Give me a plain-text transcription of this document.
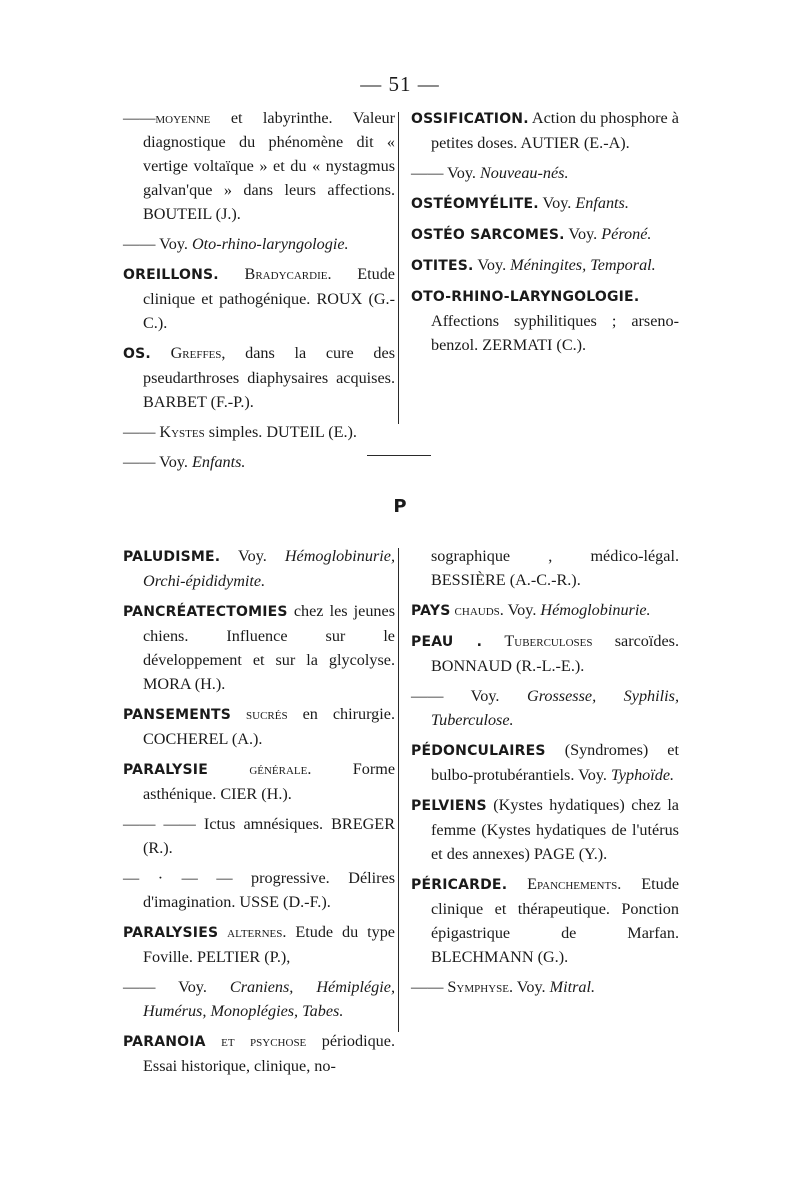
— 51 —

——moyenne et labyrinthe. Valeur diagnostique du phénomène dit « vertige voltaïque » et du « nystagmus galvan'que » dans leurs affections. BOUTEIL (J.).

—— Voy. Oto-rhino-laryngologie.

OREILLONS. Bradycardie. Etude clinique et pathogénique. ROUX (G.-C.).

OS. Greffes, dans la cure des pseudarthroses diaphysaires acquises. BARBET (F.-P.).

—— Kystes simples. DUTEIL (E.).

—— Voy. Enfants.

OSSIFICATION. Action du phosphore à petites doses. AUTIER (E.-A).

—— Voy. Nouveau-nés.

OSTÉOMYÉLITE. Voy. Enfants.

OSTÉO SARCOMES. Voy. Péroné.

OTITES. Voy. Méningites, Temporal.

OTO-RHINO-LARYNGOLOGIE. Affections syphilitiques ; arseno-benzol. ZERMATI (C.).

P

PALUDISME. Voy. Hémoglobinurie, Orchi-épididymite.

PANCRÉATECTOMIES chez les jeunes chiens. Influence sur le développement et sur la glycolyse. MORA (H.).

PANSEMENTS sucrés en chirurgie. COCHEREL (A.).

PARALYSIE	générale. Forme asthénique. CIER (H.).

—— —— Ictus amnésiques. BREGER (R.).

— · — — progressive. Délires d'imagination. USSE (D.-F.).

PARALYSIES alternes. Etude du type Foville. PELTIER (P.),

—— Voy. Craniens, Hémiplégie, Humérus, Monoplégies, Tabes.

PARANOIA et psychose périodique. Essai historique, clinique, no-

sographique , médico-légal. BESSIÈRE (A.-C.-R.).

PAYS chauds. Voy. Hémoglobinurie.

PEAU . Tuberculoses sarcoïdes. BONNAUD (R.-L.-E.).

—— Voy. Grossesse, Syphilis, Tuberculose.

PÉDONCULAIRES (Syndromes) et bulbo-protubérantiels. Voy. Typhoïde.

PELVIENS (Kystes hydatiques) chez la femme (Kystes hydatiques de l'utérus et des annexes) PAGE (Y.).

PÉRICARDE. Epanchements. Etude clinique et thérapeutique. Ponction épigastrique de Marfan. BLECHMANN (G.).

—— Symphyse. Voy. Mitral.
